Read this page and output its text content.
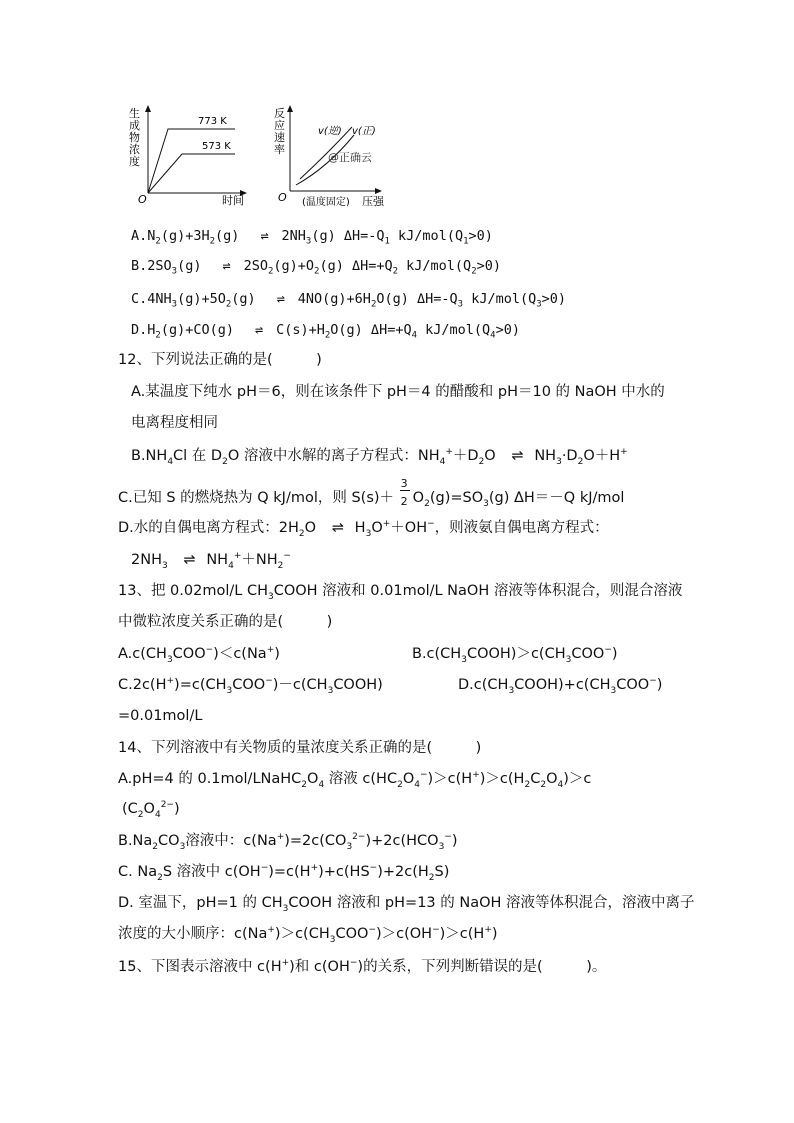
773 K
573 K
生
成
物
浓
度
O	时间
反
应
速
率
v(逆) v(正)
@正确云
O (温度固定) 压强
$A.N_2(g)+3H_2(g)$ ⇌ $2NH_3(g)$ $\Delta H=-Q_1$ $kJ/mol(Q_1>0)$
$B.2SO_3(g)$ ⇌ $2SO_2(g)+O_2(g)$ $\Delta H=+Q_2$ $kJ/mol(Q_2>0)$
$C.4NH_3(g)+5O_2(g)$ ⇌ $4NO(g)+6H_2O(g)$ $\Delta H=-Q_3$ $kJ/mol(Q_3>0)$
$D.H_2(g)+CO(g)$ ⇌ $C(s)+H_2O(g)$ $\Delta H=+Q_4$ $kJ/mol(Q_4>0)$
12、下列说法正确的是(　　　)
A.某温度下纯水 pH＝6，则在该条件下 pH＝4 的醋酸和 pH＝10 的 NaOH 中水的
电离程度相同
$B.NH_4Cl$ 在 $D_2O$ 溶液中水解的离子方程式：$NH_4^++D_2O$ ⇌ $NH_3\cdot D_2O+H^+$
C.已知 S 的燃烧热为 Q kJ/mol，则 $S(s)+ \frac{3}{2} O_2(g)=SO_3(g)$ ΔH＝－Q kJ/mol
D.水的自偶电离方程式：$2H_2O$ ⇌ $H_3O^++OH^-$，则液氨自偶电离方程式：
$2NH_3$ ⇌ $NH_4^++NH_2^-$
13、把 0.02mol/L $CH_3COOH$ 溶液和 0.01mol/L NaOH 溶液等体积混合，则混合溶液
中微粒浓度关系正确的是(　　　)
$A.c(CH_3COO^-)<c(Na^+)$	$B.c(CH_3COOH)>c(CH_3COO^-)$
$C.2c(H^+)=c(CH_3COO^-)-c(CH_3COOH)$	$D.c(CH_3COOH)+c(CH_3COO^-)$
=0.01mol/L
14、下列溶液中有关物质的量浓度关系正确的是(　　　)
A.pH=4 的 $0.1mol/LNaHC_2O_4$ 溶液 $c(HC_2O_4^-)>c(H^+)>c(H_2C_2O_4)>c$
$(C_2O_4^{2-})$
$B.Na_2CO_3$溶液中：$c(Na^+)=2c(CO_3^{2-})+2c(HCO_3^-)$
C. $Na_2S$ 溶液中 $c(OH^-)=c(H^+)+c(HS^-)+2c(H_2S)$
D. 室温下，pH=1 的 $CH_3COOH$ 溶液和 pH=13 的 NaOH 溶液等体积混合，溶液中离子
浓度的大小顺序：$c(Na^+)>c(CH_3COO^-)>c(OH^-)>c(H^+)$
15、下图表示溶液中 c(H+)和 c(OH−)的关系，下列判断错误的是(　　　)。
